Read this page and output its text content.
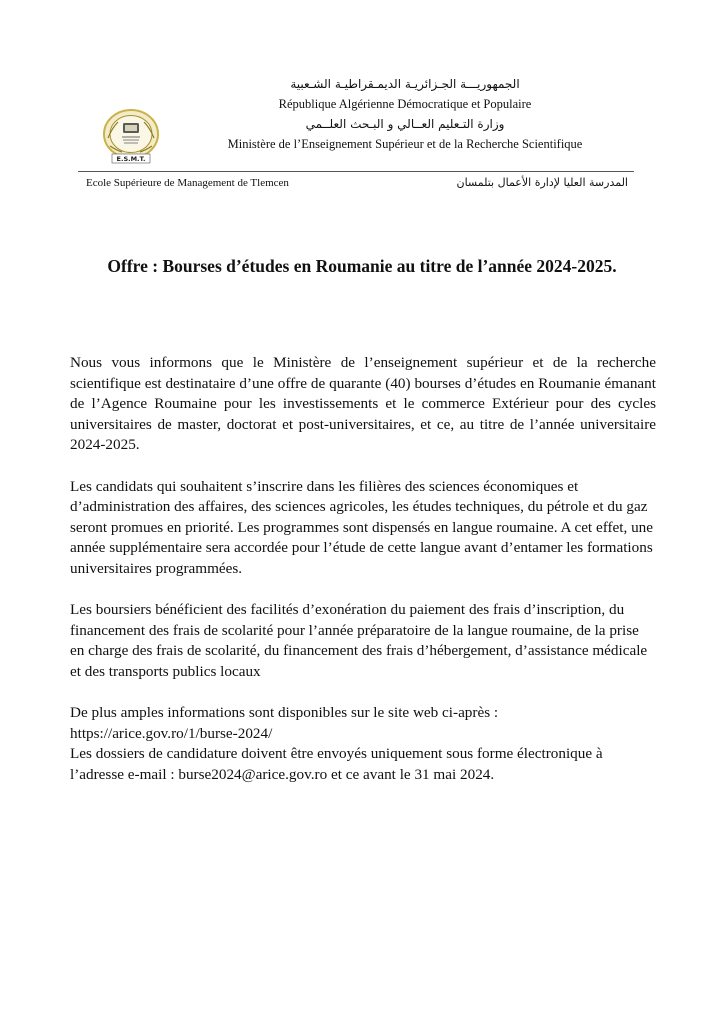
E.S.M.T.
الجمهوريـــة الجـزائريـة الديمـقراطيـة الشـعبية
République Algérienne Démocratique et Populaire
وزارة التـعليم العــالي و البـحث العلــمي
Ministère de l’Enseignement Supérieur et de la Recherche Scientifique
Ecole Supérieure de Management de Tlemcen	المدرسة العليا لإدارة الأعمال بتلمسان
Offre : Bourses d’études en Roumanie au titre de l’année 2024-2025.

Nous vous informons que le Ministère de l’enseignement supérieur et de la recherche scientifique est destinataire d’une offre de quarante (40) bourses d’études en Roumanie émanant de l’Agence Roumaine pour les investissements et le commerce Extérieur pour des cycles universitaires de master, doctorat et post-universitaires, et ce, au titre de l’année universitaire 2024-2025.

Les candidats qui souhaitent s’inscrire dans les filières des sciences économiques et d’administration des affaires, des sciences agricoles, les études techniques, du pétrole et du gaz seront promues en priorité. Les programmes sont dispensés en langue roumaine. A cet effet, une année supplémentaire sera accordée pour l’étude de cette langue avant d’entamer les formations universitaires programmées.

Les boursiers bénéficient des facilités d’exonération du paiement des frais d’inscription, du financement des frais de scolarité pour l’année préparatoire de la langue roumaine, de la prise en charge des frais de scolarité, du financement des frais d’hébergement, d’assistance médicale et des transports publics locaux

De plus amples informations sont disponibles sur le site web ci-après :
https://arice.gov.ro/1/burse-2024/
Les dossiers de candidature doivent être envoyés uniquement sous forme électronique à l’adresse e-mail : burse2024@arice.gov.ro et ce avant le 31 mai 2024.
